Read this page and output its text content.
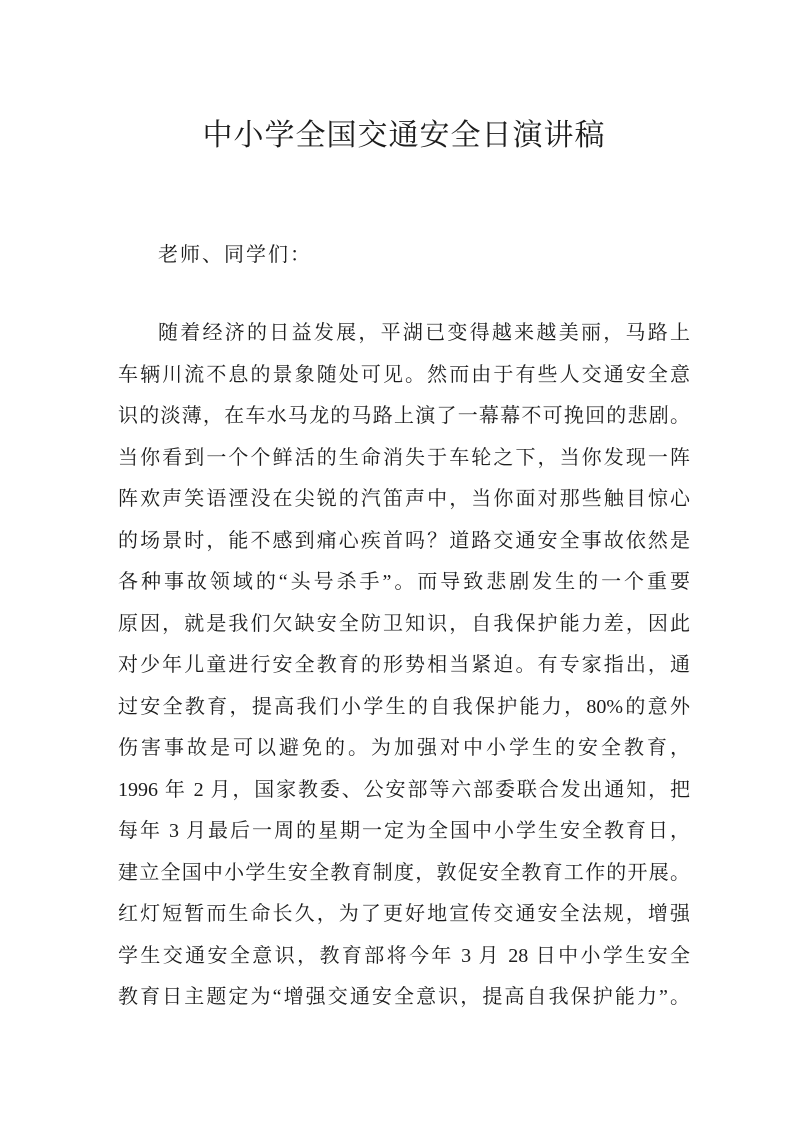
中小学全国交通安全日演讲稿

老师、同学们：

随着经济的日益发展，平湖已变得越来越美丽，马路上
车辆川流不息的景象随处可见。然而由于有些人交通安全意
识的淡薄，在车水马龙的马路上演了一幕幕不可挽回的悲剧。
当你看到一个个鲜活的生命消失于车轮之下，当你发现一阵
阵欢声笑语湮没在尖锐的汽笛声中，当你面对那些触目惊心
的场景时，能不感到痛心疾首吗？道路交通安全事故依然是
各种事故领域的“头号杀手”。而导致悲剧发生的一个重要
原因，就是我们欠缺安全防卫知识，自我保护能力差，因此
对少年儿童进行安全教育的形势相当紧迫。有专家指出，通
过安全教育，提高我们小学生的自我保护能力，80%的意外
伤害事故是可以避免的。为加强对中小学生的安全教育，
1996 年 2 月，国家教委、公安部等六部委联合发出通知，把
每年 3 月最后一周的星期一定为全国中小学生安全教育日，
建立全国中小学生安全教育制度，敦促安全教育工作的开展。
红灯短暂而生命长久，为了更好地宣传交通安全法规，增强
学生交通安全意识，教育部将今年 3 月 28 日中小学生安全
教育日主题定为“增强交通安全意识，提高自我保护能力”。
